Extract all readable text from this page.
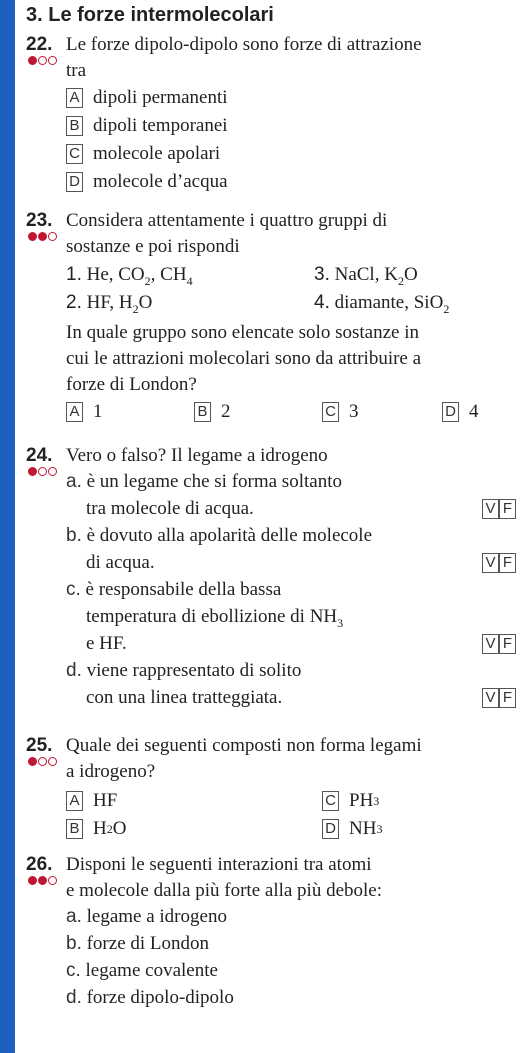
3. Le forze intermolecolari
22. Le forze dipolo-dipolo sono forze di attrazione
tra
A dipoli permanenti
B dipoli temporanei
C molecole apolari
D molecole d’acqua
23. Considera attentamente i quattro gruppi di
sostanze e poi rispondi
1. He, $CO_2$, $CH_4$	3. NaCl, $K_2O$
2. HF, $H_2O$	4. diamante, SiO$_2$
In quale gruppo sono elencate solo sostanze in
cui le attrazioni molecolari sono da attribuire a
forze di London?
A 1	B 2	C 3	D 4
24. Vero o falso? Il legame a idrogeno
a. è un legame che si forma soltanto
tra molecole di acqua.	V F
b. è dovuto alla apolarità delle molecole
di acqua.	V F
c. è responsabile della bassa
temperatura di ebollizione di $NH_3$
e HF.	V F
d. viene rappresentato di solito
con una linea tratteggiata.	V F
25. Quale dei seguenti composti non forma legami
a idrogeno?
A HF	C PH 3
B H 2 O	D NH 3
26. Disponi le seguenti interazioni tra atomi
e molecole dalla più forte alla più debole:
a. legame a idrogeno
b. forze di London
c. legame covalente
d. forze dipolo-dipolo
